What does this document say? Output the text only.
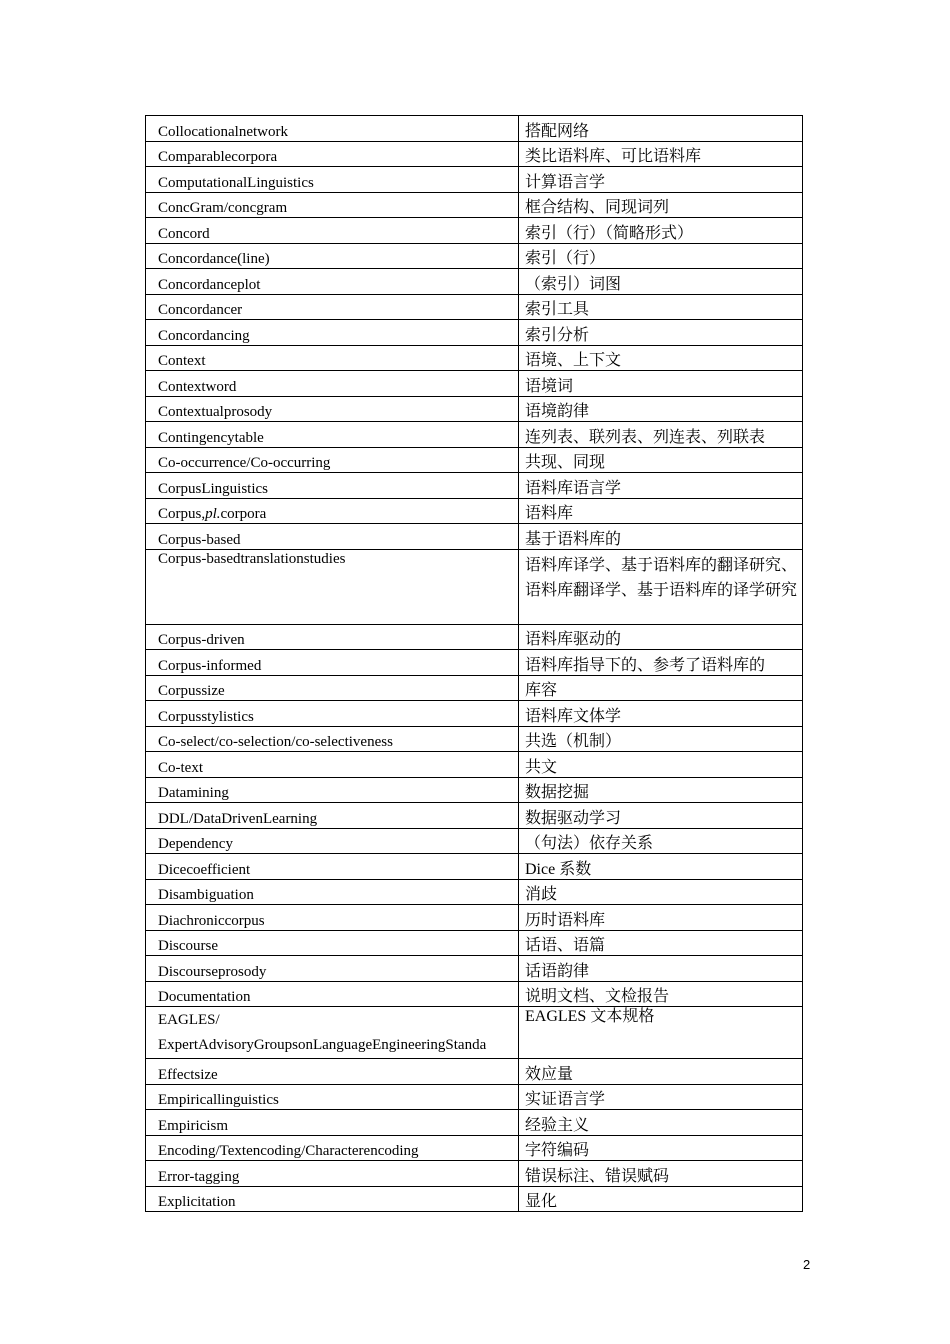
Collocationalnetwork	搭配网络
Comparablecorpora	类比语料库、可比语料库
ComputationalLinguistics	计算语言学
ConcGram/concgram	框合结构、同现词列
Concord	索引（行）（简略形式）
Concordance(line)	索引（行）
Concordanceplot	（索引）词图
Concordancer	索引工具
Concordancing	索引分析
Context	语境、上下文
Contextword	语境词
Contextualprosody	语境韵律
Contingencytable	连列表、联列表、列连表、列联表
Co-occurrence/Co-occurring	共现、同现
CorpusLinguistics	语料库语言学
Corpus,pl.corpora	语料库
Corpus-based	基于语料库的
Corpus-basedtranslationstudies	语料库译学、基于语料库的翻译研究、语料库翻译学、基于语料库的译学研究
Corpus-driven	语料库驱动的
Corpus-informed	语料库指导下的、参考了语料库的
Corpussize	库容
Corpusstylistics	语料库文体学
Co-select/co-selection/co-selectiveness	共选（机制）
Co-text	共文
Datamining	数据挖掘
DDL/DataDrivenLearning	数据驱动学习
Dependency	（句法）依存关系
Dicecoefficient	Dice 系数
Disambiguation	消歧
Diachroniccorpus	历时语料库
Discourse	话语、语篇
Discourseprosody	话语韵律
Documentation	说明文档、文检报告

EAGLES/
ExpertAdvisoryGroupsonLanguageEngineeringStanda	EAGLES 文本规格
Effectsize	效应量
Empiricallinguistics	实证语言学
Empiricism	经验主义
Encoding/Textencoding/Characterencoding	字符编码
Error-tagging	错误标注、错误赋码
Explicitation	显化
2
